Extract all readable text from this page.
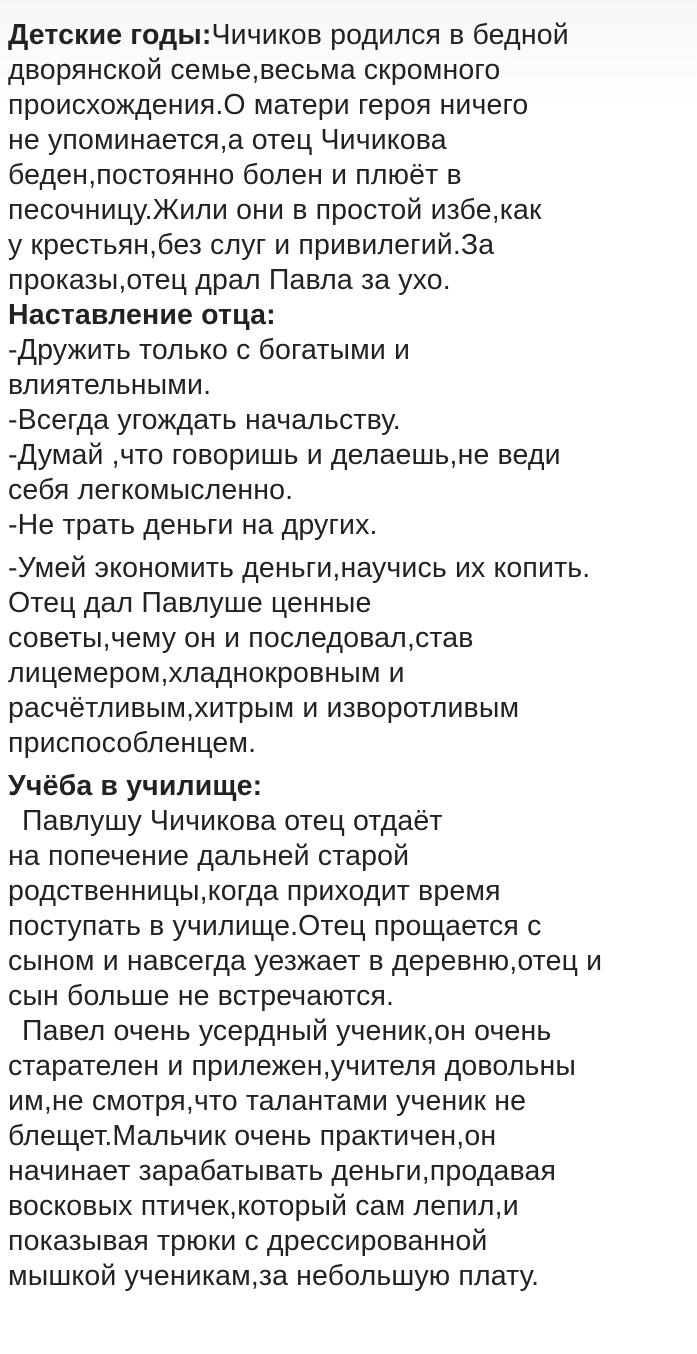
Детские годы:Чичиков родился в бедной
дворянской семье,весьма скромного
происхождения.О матери героя ничего
не упоминается,а отец Чичикова
беден,постоянно болен и плюёт в
песочницу.Жили они в простой избе,как
у крестьян,без слуг и привилегий.За
проказы,отец драл Павла за ухо.
Наставление отца:
-Дружить только с богатыми и
влиятельными.
-Всегда угождать начальству.
-Думай ,что говоришь и делаешь,не веди
себя легкомысленно.
-Не трать деньги на других.
-Умей экономить деньги,научись их копить.
Отец дал Павлуше ценные
советы,чему он и последовал,став
лицемером,хладнокровным и
расчётливым,хитрым и изворотливым
приспособленцем.
Учёба в училище:
Павлушу Чичикова отец отдаёт
на попечение дальней старой
родственницы,когда приходит время
поступать в училище.Отец прощается с
сыном и навсегда уезжает в деревню,отец и
сын больше не встречаются.
Павел очень усердный ученик,он очень
старателен и прилежен,учителя довольны
им,не смотря,что талантами ученик не
блещет.Мальчик очень практичен,он
начинает зарабатывать деньги,продавая
восковых птичек,который сам лепил,и
показывая трюки с дрессированной
мышкой ученикам,за небольшую плату.
